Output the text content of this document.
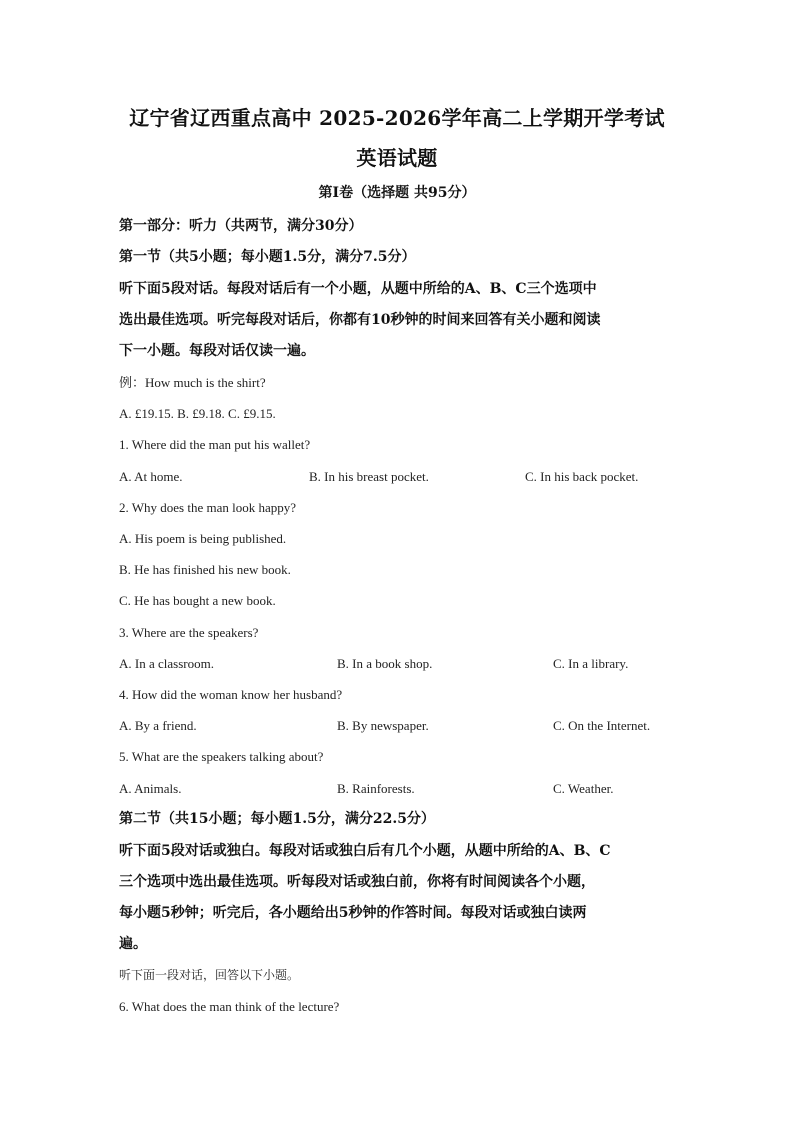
辽宁省辽西重点高中 2025-2026学年高二上学期开学考试
英语试题
第Ⅰ卷（选择题 共95分）
第一部分：听力（共两节，满分30分）
第一节（共5小题；每小题1.5分，满分7.5分）
听下面5段对话。每段对话后有一个小题，从题中所给的A、B、C三个选项中
选出最佳选项。听完每段对话后，你都有10秒钟的时间来回答有关小题和阅读
下一小题。每段对话仅读一遍。
例：How much is the shirt?
A. £19.15. B. £9.18. C. £9.15.
1. Where did the man put his wallet?
A. At home.	B. In his breast pocket.	C. In his back pocket.
2. Why does the man look happy?
A. His poem is being published.
B. He has finished his new book.
C. He has bought a new book.
3. Where are the speakers?
A. In a classroom.	B. In a book shop.	C. In a library.
4. How did the woman know her husband?
A. By a friend.	B. By newspaper.	C. On the Internet.
5. What are the speakers talking about?
A. Animals.	B. Rainforests.	C. Weather.
第二节（共15小题；每小题1.5分，满分22.5分）
听下面5段对话或独白。每段对话或独白后有几个小题，从题中所给的A、B、C
三个选项中选出最佳选项。听每段对话或独白前，你将有时间阅读各个小题，
每小题5秒钟；听完后，各小题给出5秒钟的作答时间。每段对话或独白读两
遍。
听下面一段对话，回答以下小题。
6. What does the man think of the lecture?
